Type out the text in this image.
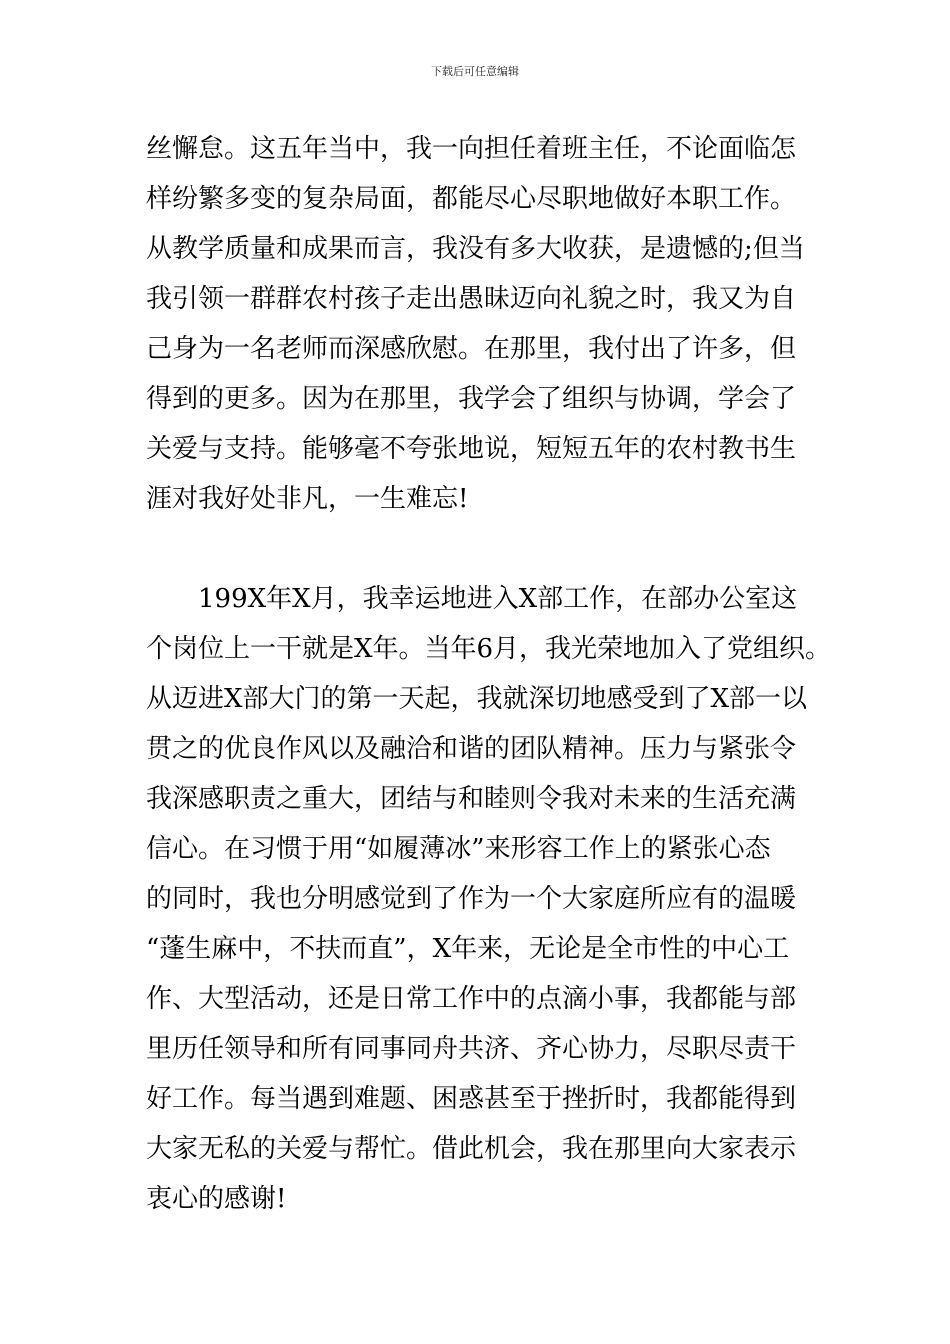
下载后可任意编辑
丝懈怠。这五年当中，我一向担任着班主任，不论面临怎
样纷繁多变的复杂局面，都能尽心尽职地做好本职工作。
从教学质量和成果而言，我没有多大收获，是遗憾的;但当
我引领一群群农村孩子走出愚昧迈向礼貌之时，我又为自
己身为一名老师而深感欣慰。在那里，我付出了许多，但
得到的更多。因为在那里，我学会了组织与协调，学会了
关爱与支持。能够毫不夸张地说，短短五年的农村教书生
涯对我好处非凡，一生难忘!
199X年X月，我幸运地进入X部工作，在部办公室这
个岗位上一干就是X年。当年6月，我光荣地加入了党组织。
从迈进X部大门的第一天起，我就深切地感受到了X部一以
贯之的优良作风以及融洽和谐的团队精神。压力与紧张令
我深感职责之重大，团结与和睦则令我对未来的生活充满
信心。在习惯于用“如履薄冰”来形容工作上的紧张心态
的同时，我也分明感觉到了作为一个大家庭所应有的温暖
“蓬生麻中，不扶而直”，X年来，无论是全市性的中心工
作、大型活动，还是日常工作中的点滴小事，我都能与部
里历任领导和所有同事同舟共济、齐心协力，尽职尽责干
好工作。每当遇到难题、困惑甚至于挫折时，我都能得到
大家无私的关爱与帮忙。借此机会，我在那里向大家表示
衷心的感谢!
